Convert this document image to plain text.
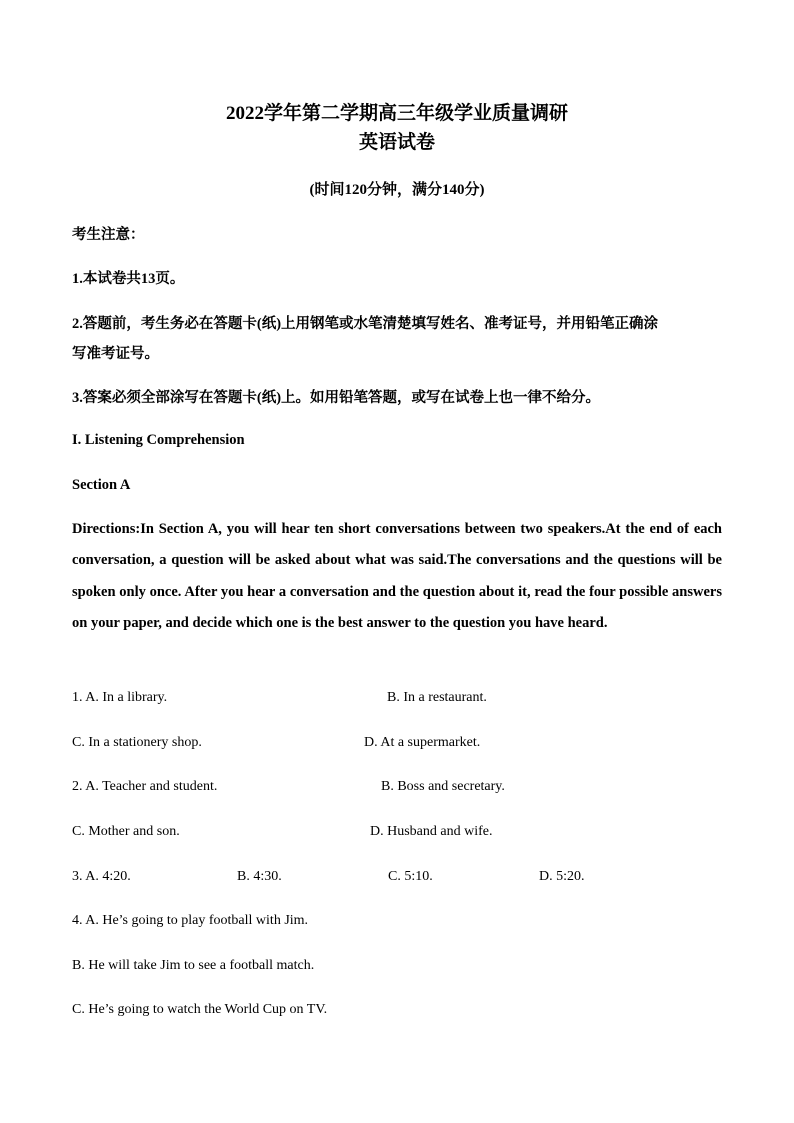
2022学年第二学期高三年级学业质量调研
英语试卷
(时间120分钟，满分140分)
考生注意：
1.本试卷共13页。
2.答题前，考生务必在答题卡(纸)上用钢笔或水笔清楚填写姓名、准考证号，并用铅笔正确涂
写准考证号。
3.答案必须全部涂写在答题卡(纸)上。如用铅笔答题，或写在试卷上也一律不给分。
I. Listening Comprehension
Section A
Directions:In Section A, you will hear ten short conversations between two speakers.At the end of each conversation, a question will be asked about what was said.The conversations and the questions will be spoken only once. After you hear a conversation and the question about it, read the four possible answers on your paper, and decide which one is the best answer to the question you have heard.
1. A. In a library.	B. In a restaurant.
C. In a stationery shop.	D. At a supermarket.
2. A. Teacher and student.	B. Boss and secretary.
C. Mother and son.	D. Husband and wife.
3. A. 4:20.	B. 4:30.	C. 5:10.	D. 5:20.
4. A. He’s going to play football with Jim.
B. He will take Jim to see a football match.
C. He’s going to watch the World Cup on TV.
